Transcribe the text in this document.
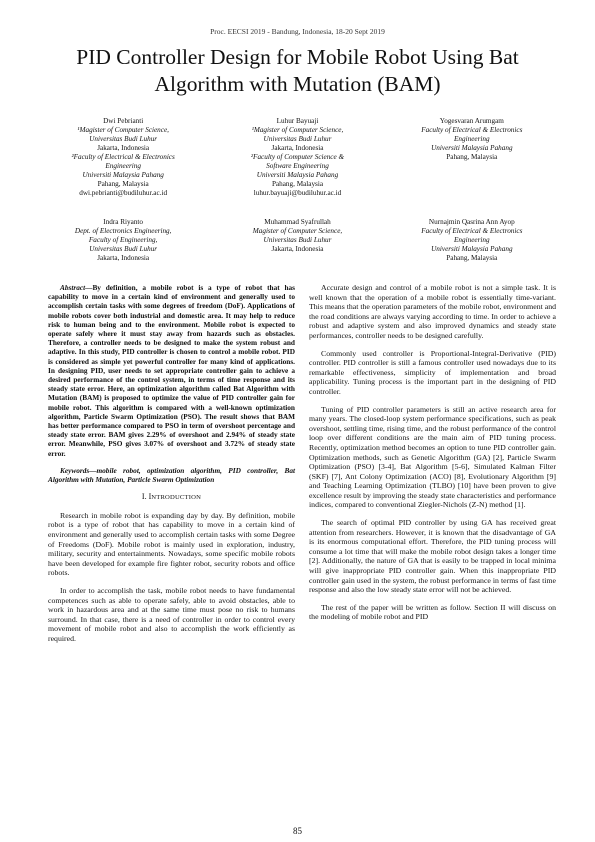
Proc. EECSI 2019 - Bandung, Indonesia, 18-20 Sept 2019
PID Controller Design for Mobile Robot Using Bat
Algorithm with Mutation (BAM)
Dwi Pebrianti
¹Magister of Computer Science,
Universitas Budi Luhur
Jakarta, Indonesia
²Faculty of Electrical & Electronics
Engineering
Universiti Malaysia Pahang
Pahang, Malaysia
dwi.pebrianti@budiluhur.ac.id
Luhur Bayuaji
¹Magister of Computer Science,
Universitas Budi Luhur
Jakarta, Indonesia
²Faculty of Computer Science &
Software Engineering
Universiti Malaysia Pahang
Pahang, Malaysia
luhur.bayuaji@budiluhur.ac.id
Yogesvaran Arumgam
Faculty of Electrical & Electronics
Engineering
Universiti Malaysia Pahang
Pahang, Malaysia
Indra Riyanto
Dept. of Electronics Engineering,
Faculty of Engineering,
Universitas Budi Luhur
Jakarta, Indonesia
Muhammad Syafrullah
Magister of Computer Science,
Universitas Budi Luhur
Jakarta, Indonesia
Nurnajmin Qasrina Ann Ayop
Faculty of Electrical & Electronics
Engineering
Universiti Malaysia Pahang
Pahang, Malaysia

Abstract—By definition, a mobile robot is a type of robot that has capability to move in a certain kind of environment and generally used to accomplish certain tasks with some degrees of freedom (DoF). Applications of mobile robots cover both industrial and domestic area. It may help to reduce risk to human being and to the environment. Mobile robot is expected to operate safely where it must stay away from hazards such as obstacles. Therefore, a controller needs to be designed to make the system robust and adaptive. In this study, PID controller is chosen to control a mobile robot. PID is considered as simple yet powerful controller for many kind of applications. In designing PID, user needs to set appropriate controller gain to achieve a desired performance of the control system, in terms of time response and its steady state error. Here, an optimization algorithm called Bat Algorithm with Mutation (BAM) is proposed to optimize the value of PID controller gain for mobile robot. This algorithm is compared with a well-known optimization algorithm, Particle Swarm Optimization (PSO). The result shows that BAM has better performance compared to PSO in term of overshoot percentage and steady state error. BAM gives 2.29% of overshoot and 2.94% of steady state error. Meanwhile, PSO gives 3.07% of overshoot and 3.72% of steady state error.

Keywords—mobile robot, optimization algorithm, PID controller, Bat Algorithm with Mutation, Particle Swarm Optimization

I. INTRODUCTION

Research in mobile robot is expanding day by day. By definition, mobile robot is a type of robot that has capability to move in a certain kind of environment and generally used to accomplish certain tasks with some Degree of Freedoms (DoF). Mobile robot is mainly used in exploration, industry, military, security and entertainments. Nowadays, some specific mobile robots have been developed for example fire fighter robot, security robots and office robots.

In order to accomplish the task, mobile robot needs to have fundamental competences such as able to operate safely, able to avoid obstacles, able to work in hazardous area and at the same time must pose no risk to humans surround. In that case, there is a need of controller in order to control every movement of mobile robot and also to accomplish the work efficiently as required.

Accurate design and control of a mobile robot is not a simple task. It is well known that the operation of a mobile robot is essentially time-variant. This means that the operation parameters of the mobile robot, environment and the road conditions are always varying according to time. In order to achieve a robust and adaptive system and also improved dynamics and steady state performances, controller needs to be designed carefully.

Commonly used controller is Proportional-Integral-Derivative (PID) controller. PID controller is still a famous controller used nowadays due to its remarkable effectiveness, simplicity of implementation and broad applicability. Tuning process is the important part in the designing of PID controller.

Tuning of PID controller parameters is still an active research area for many years. The closed-loop system performance specifications, such as peak overshoot, settling time, rising time, and the robust performance of the control loop over different conditions are the main aim of PID tuning process. Recently, optimization method becomes an option to tune PID controller gain. Optimization methods, such as Genetic Algorithm (GA) [2], Particle Swarm Optimization (PSO) [3-4], Bat Algorithm [5-6], Simulated Kalman Filter (SKF) [7], Ant Colony Optimization (ACO) [8], Evolutionary Algorithm [9] and Teaching Learning Optimization (TLBO) [10] have been proven to give excellence result by improving the steady state characteristics and performance indices, compared to conventional Ziegler-Nichols (Z-N) method [1].

The search of optimal PID controller by using GA has received great attention from researchers. However, it is known that the disadvantage of GA is its enormous computational effort. Therefore, the PID tuning process will consume a lot time that will make the mobile robot design takes a longer time [2]. Additionally, the nature of GA that is easily to be trapped in local minima will give inappropriate PID controller gain. When this inappropriate PID controller gain used in the system, the robust performance in terms of fast time response and also the low steady state error will not be achieved.

The rest of the paper will be written as follow. Section II will discuss on the modeling of mobile robot and PID

85
